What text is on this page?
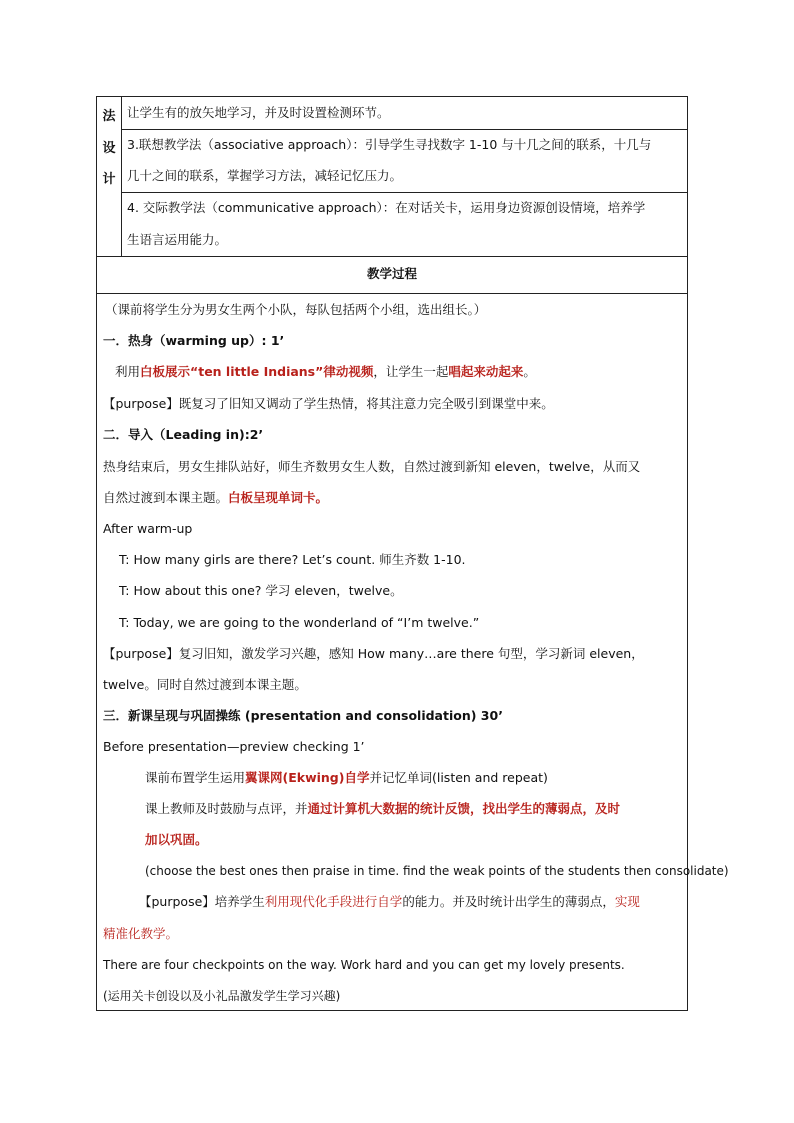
法
设
计
让学生有的放矢地学习，并及时设置检测环节。
3.联想教学法（associative approach）：引导学生寻找数字 1-10 与十几之间的联系，十几与
几十之间的联系，掌握学习方法，减轻记忆压力。
4. 交际教学法（communicative approach）：在对话关卡，运用身边资源创设情境，培养学
生语言运用能力。
教学过程
（课前将学生分为男女生两个小队，每队包括两个小组，选出组长。）
一．热身（warming up）: 1’
利用白板展示“ten little Indians”律动视频，让学生一起唱起来动起来。
【purpose】既复习了旧知又调动了学生热情，将其注意力完全吸引到课堂中来。
二．导入（Leading in):2’
热身结束后，男女生排队站好，师生齐数男女生人数，自然过渡到新知 eleven，twelve，从而又
自然过渡到本课主题。白板呈现单词卡。
After warm-up
T: How many girls are there? Let’s count. 师生齐数 1-10.
T: How about this one? 学习 eleven，twelve。
T: Today, we are going to the wonderland of “I’m twelve.”
【purpose】复习旧知，激发学习兴趣，感知 How many…are there 句型，学习新词 eleven，
twelve。同时自然过渡到本课主题。
三．新课呈现与巩固操练 (presentation and consolidation) 30’
Before presentation—preview checking 1’
课前布置学生运用翼课网(Ekwing)自学并记忆单词(listen and repeat)
课上教师及时鼓励与点评，并通过计算机大数据的统计反馈，找出学生的薄弱点，及时
加以巩固。
(choose the best ones then praise in time. find the weak points of the students then consolidate)
【purpose】培养学生利用现代化手段进行自学的能力。并及时统计出学生的薄弱点，实现
精准化教学。
There are four checkpoints on the way. Work hard and you can get my lovely presents.
(运用关卡创设以及小礼品激发学生学习兴趣)
